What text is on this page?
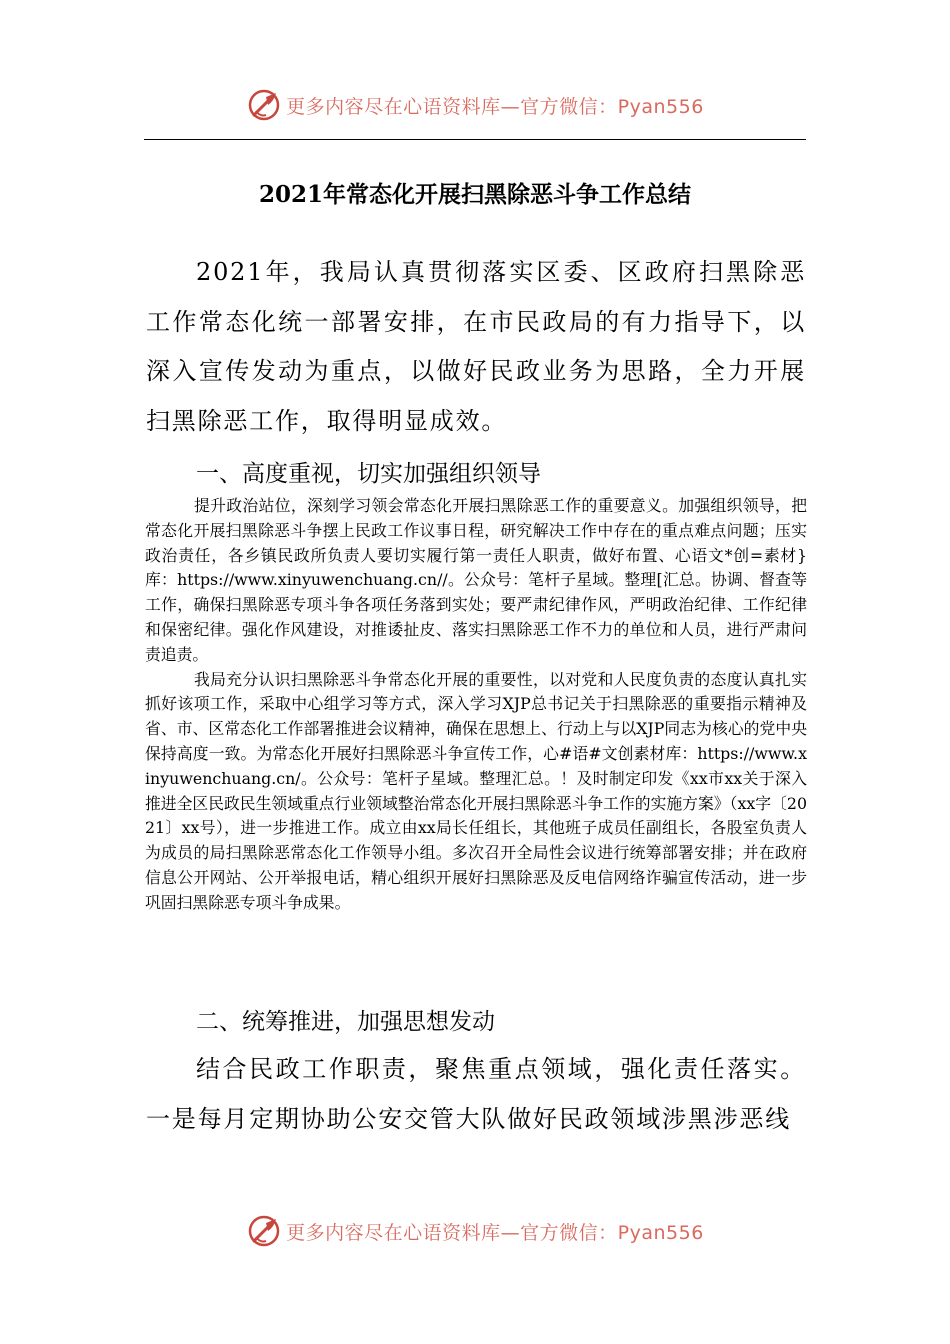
更多内容尽在心语资料库—官方微信：Pyan556
2021年常态化开展扫黑除恶斗争工作总结

2021年，我局认真贯彻落实区委、区政府扫黑除恶工作常态化统一部署安排，在市民政局的有力指导下，以深入宣传发动为重点，以做好民政业务为思路，全力开展扫黑除恶工作，取得明显成效。

一、高度重视，切实加强组织领导

提升政治站位，深刻学习领会常态化开展扫黑除恶工作的重要意义。加强组织领导，把常态化开展扫黑除恶斗争摆上民政工作议事日程，研究解决工作中存在的重点难点问题；压实政治责任，各乡镇民政所负责人要切实履行第一责任人职责，做好布置、心语文*创=素材}库：https://www.xinyuwenchuang.cn//。公众号：笔杆子星域。整理[汇总。协调、督查等工作，确保扫黑除恶专项斗争各项任务落到实处；要严肃纪律作风，严明政治纪律、工作纪律和保密纪律。强化作风建设，对推诿扯皮、落实扫黑除恶工作不力的单位和人员，进行严肃问责追责。

我局充分认识扫黑除恶斗争常态化开展的重要性，以对党和人民度负责的态度认真扎实抓好该项工作，采取中心组学习等方式，深入学习XJP总书记关于扫黑除恶的重要指示精神及省、市、区常态化工作部署推进会议精神，确保在思想上、行动上与以XJP同志为核心的党中央保持高度一致。为常态化开展好扫黑除恶斗争宣传工作，心#语#文创素材库：https://www.xinyuwenchuang.cn/。公众号：笔杆子星域。整理汇总。！及时制定印发《xx市xx关于深入推进全区民政民生领域重点行业领域整治常态化开展扫黑除恶斗争工作的实施方案》（xx字〔2021〕xx号），进一步推进工作。成立由xx局长任组长，其他班子成员任副组长，各股室负责人为成员的局扫黑除恶常态化工作领导小组。多次召开全局性会议进行统筹部署安排；并在政府信息公开网站、公开举报电话，精心组织开展好扫黑除恶及反电信网络诈骗宣传活动，进一步巩固扫黑除恶专项斗争成果。

二、统筹推进，加强思想发动

结合民政工作职责，聚焦重点领域，强化责任落实。一是每月定期协助公安交管大队做好民政领域涉黑涉恶线

更多内容尽在心语资料库—官方微信：Pyan556
